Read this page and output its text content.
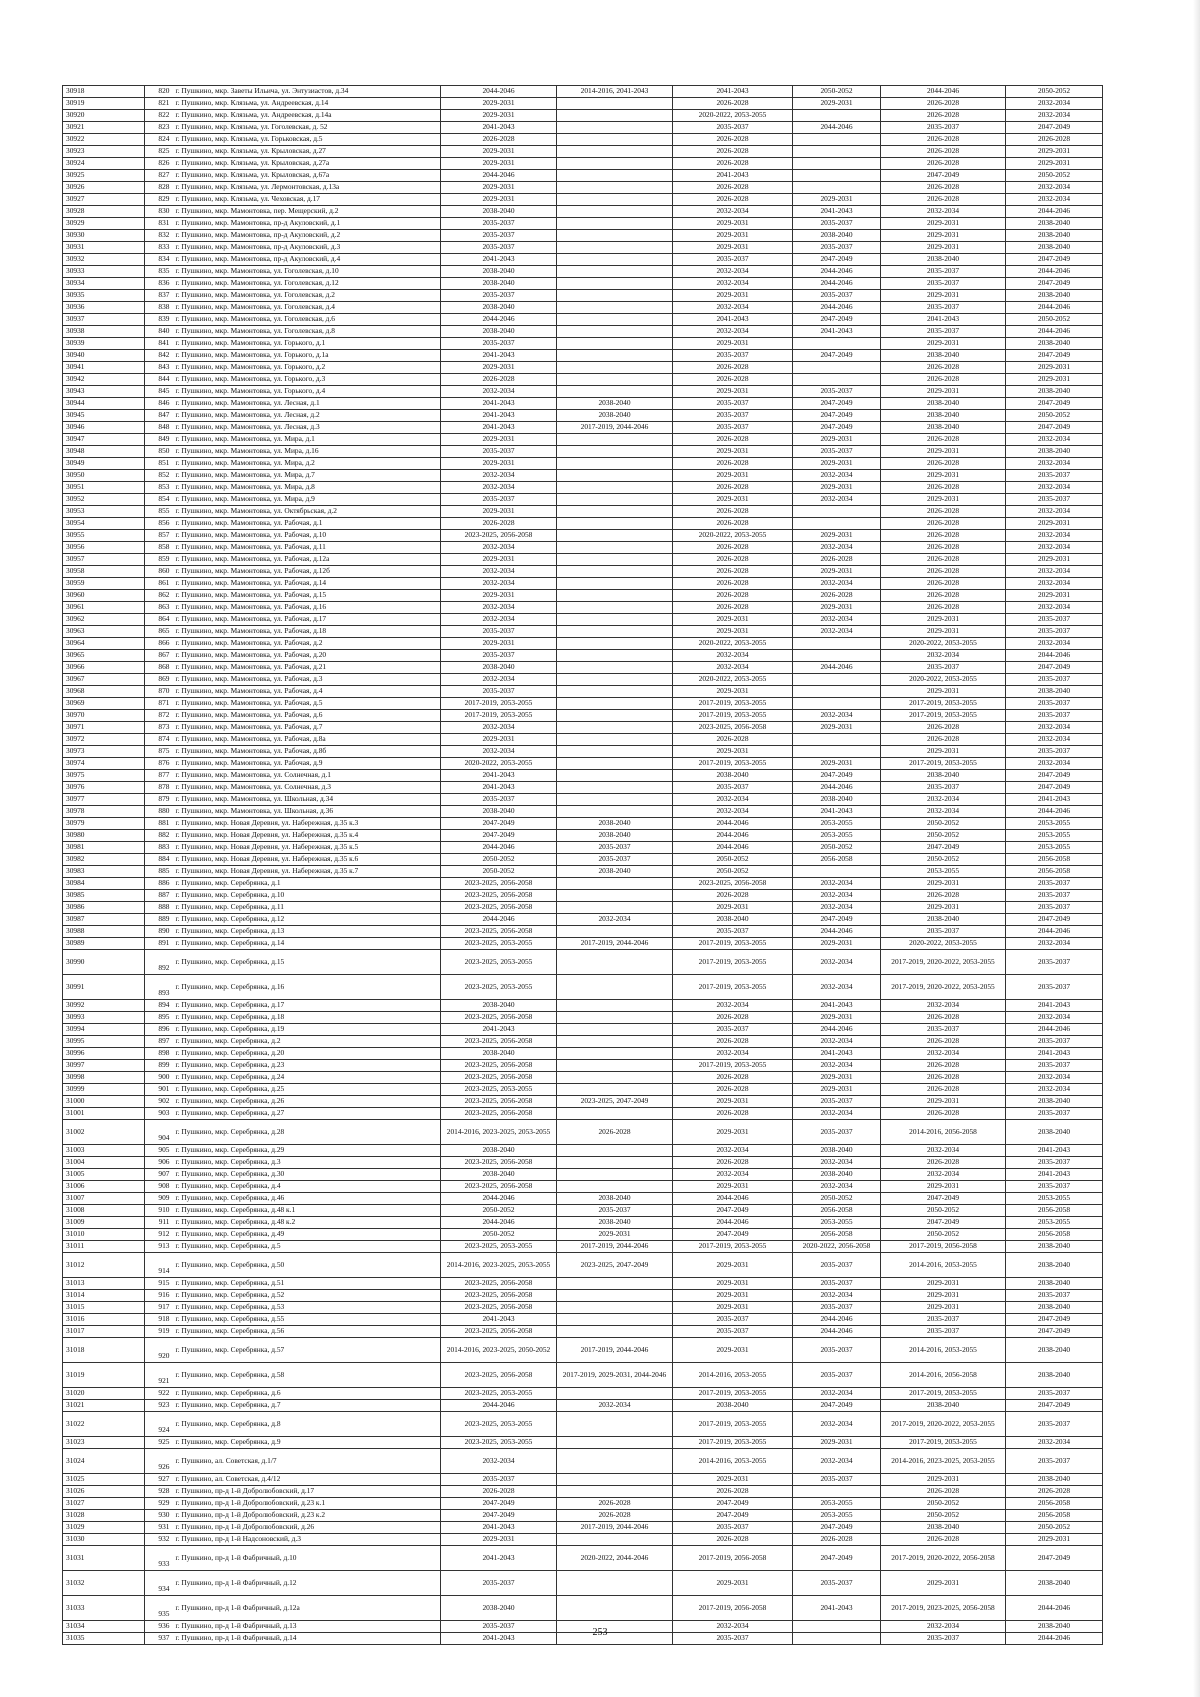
30918	820	г. Пушкино, мкр. Заветы Ильича, ул. Энтузиастов, д.34	2044-2046	2014-2016, 2041-2043	2041-2043	2050-2052	2044-2046	2050-2052
30919	821	г. Пушкино, мкр. Клязьма, ул. Андреевская, д.14	2029-2031		2026-2028	2029-2031	2026-2028	2032-2034
30920	822	г. Пушкино, мкр. Клязьма, ул. Андреевская, д.14а	2029-2031		2020-2022, 2053-2055		2026-2028	2032-2034
30921	823	г. Пушкино, мкр. Клязьма, ул. Гоголевская, д. 52	2041-2043		2035-2037	2044-2046	2035-2037	2047-2049
30922	824	г. Пушкино, мкр. Клязьма, ул. Горьковская, д.5	2026-2028		2026-2028		2026-2028	2026-2028
30923	825	г. Пушкино, мкр. Клязьма, ул. Крыловская, д.27	2029-2031		2026-2028		2026-2028	2029-2031
30924	826	г. Пушкино, мкр. Клязьма, ул. Крыловская, д.27а	2029-2031		2026-2028		2026-2028	2029-2031
30925	827	г. Пушкино, мкр. Клязьма, ул. Крыловская, д.67а	2044-2046		2041-2043		2047-2049	2050-2052
30926	828	г. Пушкино, мкр. Клязьма, ул. Лермонтовская, д.13а	2029-2031		2026-2028		2026-2028	2032-2034
30927	829	г. Пушкино, мкр. Клязьма, ул. Чеховская, д.17	2029-2031		2026-2028	2029-2031	2026-2028	2032-2034
30928	830	г. Пушкино, мкр. Мамонтовка, пер. Мещерский, д.2	2038-2040		2032-2034	2041-2043	2032-2034	2044-2046
30929	831	г. Пушкино, мкр. Мамонтовка, пр-д Акуловский, д.1	2035-2037		2029-2031	2035-2037	2029-2031	2038-2040
30930	832	г. Пушкино, мкр. Мамонтовка, пр-д Акуловский, д.2	2035-2037		2029-2031	2038-2040	2029-2031	2038-2040
30931	833	г. Пушкино, мкр. Мамонтовка, пр-д Акуловский, д.3	2035-2037		2029-2031	2035-2037	2029-2031	2038-2040
30932	834	г. Пушкино, мкр. Мамонтовка, пр-д Акуловский, д.4	2041-2043		2035-2037	2047-2049	2038-2040	2047-2049
30933	835	г. Пушкино, мкр. Мамонтовка, ул. Гоголевская, д.10	2038-2040		2032-2034	2044-2046	2035-2037	2044-2046
30934	836	г. Пушкино, мкр. Мамонтовка, ул. Гоголевская, д.12	2038-2040		2032-2034	2044-2046	2035-2037	2047-2049
30935	837	г. Пушкино, мкр. Мамонтовка, ул. Гоголевская, д.2	2035-2037		2029-2031	2035-2037	2029-2031	2038-2040
30936	838	г. Пушкино, мкр. Мамонтовка, ул. Гоголевская, д.4	2038-2040		2032-2034	2044-2046	2035-2037	2044-2046
30937	839	г. Пушкино, мкр. Мамонтовка, ул. Гоголевская, д.6	2044-2046		2041-2043	2047-2049	2041-2043	2050-2052
30938	840	г. Пушкино, мкр. Мамонтовка, ул. Гоголевская, д.8	2038-2040		2032-2034	2041-2043	2035-2037	2044-2046
30939	841	г. Пушкино, мкр. Мамонтовка, ул. Горького, д.1	2035-2037		2029-2031		2029-2031	2038-2040
30940	842	г. Пушкино, мкр. Мамонтовка, ул. Горького, д.1а	2041-2043		2035-2037	2047-2049	2038-2040	2047-2049
30941	843	г. Пушкино, мкр. Мамонтовка, ул. Горького, д.2	2029-2031		2026-2028		2026-2028	2029-2031
30942	844	г. Пушкино, мкр. Мамонтовка, ул. Горького, д.3	2026-2028		2026-2028		2026-2028	2029-2031
30943	845	г. Пушкино, мкр. Мамонтовка, ул. Горького, д.4	2032-2034		2029-2031	2035-2037	2029-2031	2038-2040
30944	846	г. Пушкино, мкр. Мамонтовка, ул. Лесная, д.1	2041-2043	2038-2040	2035-2037	2047-2049	2038-2040	2047-2049
30945	847	г. Пушкино, мкр. Мамонтовка, ул. Лесная, д.2	2041-2043	2038-2040	2035-2037	2047-2049	2038-2040	2050-2052
30946	848	г. Пушкино, мкр. Мамонтовка, ул. Лесная, д.3	2041-2043	2017-2019, 2044-2046	2035-2037	2047-2049	2038-2040	2047-2049
30947	849	г. Пушкино, мкр. Мамонтовка, ул. Мира, д.1	2029-2031		2026-2028	2029-2031	2026-2028	2032-2034
30948	850	г. Пушкино, мкр. Мамонтовка, ул. Мира, д.16	2035-2037		2029-2031	2035-2037	2029-2031	2038-2040
30949	851	г. Пушкино, мкр. Мамонтовка, ул. Мира, д.2	2029-2031		2026-2028	2029-2031	2026-2028	2032-2034
30950	852	г. Пушкино, мкр. Мамонтовка, ул. Мира, д.7	2032-2034		2029-2031	2032-2034	2029-2031	2035-2037
30951	853	г. Пушкино, мкр. Мамонтовка, ул. Мира, д.8	2032-2034		2026-2028	2029-2031	2026-2028	2032-2034
30952	854	г. Пушкино, мкр. Мамонтовка, ул. Мира, д.9	2035-2037		2029-2031	2032-2034	2029-2031	2035-2037
30953	855	г. Пушкино, мкр. Мамонтовка, ул. Октябрьская, д.2	2029-2031		2026-2028		2026-2028	2032-2034
30954	856	г. Пушкино, мкр. Мамонтовка, ул. Рабочая, д.1	2026-2028		2026-2028		2026-2028	2029-2031
30955	857	г. Пушкино, мкр. Мамонтовка, ул. Рабочая, д.10	2023-2025, 2056-2058		2020-2022, 2053-2055	2029-2031	2026-2028	2032-2034
30956	858	г. Пушкино, мкр. Мамонтовка, ул. Рабочая, д.11	2032-2034		2026-2028	2032-2034	2026-2028	2032-2034
30957	859	г. Пушкино, мкр. Мамонтовка, ул. Рабочая, д.12а	2029-2031		2026-2028	2026-2028	2026-2028	2029-2031
30958	860	г. Пушкино, мкр. Мамонтовка, ул. Рабочая, д.12б	2032-2034		2026-2028	2029-2031	2026-2028	2032-2034
30959	861	г. Пушкино, мкр. Мамонтовка, ул. Рабочая, д.14	2032-2034		2026-2028	2032-2034	2026-2028	2032-2034
30960	862	г. Пушкино, мкр. Мамонтовка, ул. Рабочая, д.15	2029-2031		2026-2028	2026-2028	2026-2028	2029-2031
30961	863	г. Пушкино, мкр. Мамонтовка, ул. Рабочая, д.16	2032-2034		2026-2028	2029-2031	2026-2028	2032-2034
30962	864	г. Пушкино, мкр. Мамонтовка, ул. Рабочая, д.17	2032-2034		2029-2031	2032-2034	2029-2031	2035-2037
30963	865	г. Пушкино, мкр. Мамонтовка, ул. Рабочая, д.18	2035-2037		2029-2031	2032-2034	2029-2031	2035-2037
30964	866	г. Пушкино, мкр. Мамонтовка, ул. Рабочая, д.2	2029-2031		2020-2022, 2053-2055		2020-2022, 2053-2055	2032-2034
30965	867	г. Пушкино, мкр. Мамонтовка, ул. Рабочая, д.20	2035-2037		2032-2034		2032-2034	2044-2046
30966	868	г. Пушкино, мкр. Мамонтовка, ул. Рабочая, д.21	2038-2040		2032-2034	2044-2046	2035-2037	2047-2049
30967	869	г. Пушкино, мкр. Мамонтовка, ул. Рабочая, д.3	2032-2034		2020-2022, 2053-2055		2020-2022, 2053-2055	2035-2037
30968	870	г. Пушкино, мкр. Мамонтовка, ул. Рабочая, д.4	2035-2037		2029-2031		2029-2031	2038-2040
30969	871	г. Пушкино, мкр. Мамонтовка, ул. Рабочая, д.5	2017-2019, 2053-2055		2017-2019, 2053-2055		2017-2019, 2053-2055	2035-2037
30970	872	г. Пушкино, мкр. Мамонтовка, ул. Рабочая, д.6	2017-2019, 2053-2055		2017-2019, 2053-2055	2032-2034	2017-2019, 2053-2055	2035-2037
30971	873	г. Пушкино, мкр. Мамонтовка, ул. Рабочая, д.7	2032-2034		2023-2025, 2056-2058	2029-2031	2026-2028	2032-2034
30972	874	г. Пушкино, мкр. Мамонтовка, ул. Рабочая, д.8а	2029-2031		2026-2028		2026-2028	2032-2034
30973	875	г. Пушкино, мкр. Мамонтовка, ул. Рабочая, д.8б	2032-2034		2029-2031		2029-2031	2035-2037
30974	876	г. Пушкино, мкр. Мамонтовка, ул. Рабочая, д.9	2020-2022, 2053-2055		2017-2019, 2053-2055	2029-2031	2017-2019, 2053-2055	2032-2034
30975	877	г. Пушкино, мкр. Мамонтовка, ул. Солнечная, д.1	2041-2043		2038-2040	2047-2049	2038-2040	2047-2049
30976	878	г. Пушкино, мкр. Мамонтовка, ул. Солнечная, д.3	2041-2043		2035-2037	2044-2046	2035-2037	2047-2049
30977	879	г. Пушкино, мкр. Мамонтовка, ул. Школьная, д.34	2035-2037		2032-2034	2038-2040	2032-2034	2041-2043
30978	880	г. Пушкино, мкр. Мамонтовка, ул. Школьная, д.36	2038-2040		2032-2034	2041-2043	2032-2034	2044-2046
30979	881	г. Пушкино, мкр. Новая Деревня, ул. Набережная, д.35 к.3	2047-2049	2038-2040	2044-2046	2053-2055	2050-2052	2053-2055
30980	882	г. Пушкино, мкр. Новая Деревня, ул. Набережная, д.35 к.4	2047-2049	2038-2040	2044-2046	2053-2055	2050-2052	2053-2055
30981	883	г. Пушкино, мкр. Новая Деревня, ул. Набережная, д.35 к.5	2044-2046	2035-2037	2044-2046	2050-2052	2047-2049	2053-2055
30982	884	г. Пушкино, мкр. Новая Деревня, ул. Набережная, д.35 к.6	2050-2052	2035-2037	2050-2052	2056-2058	2050-2052	2056-2058
30983	885	г. Пушкино, мкр. Новая Деревня, ул. Набережная, д.35 к.7	2050-2052	2038-2040	2050-2052		2053-2055	2056-2058
30984	886	г. Пушкино, мкр. Серебрянка, д.1	2023-2025, 2056-2058		2023-2025, 2056-2058	2032-2034	2029-2031	2035-2037
30985	887	г. Пушкино, мкр. Серебрянка, д.10	2023-2025, 2056-2058		2026-2028	2032-2034	2026-2028	2035-2037
30986	888	г. Пушкино, мкр. Серебрянка, д.11	2023-2025, 2056-2058		2029-2031	2032-2034	2029-2031	2035-2037
30987	889	г. Пушкино, мкр. Серебрянка, д.12	2044-2046	2032-2034	2038-2040	2047-2049	2038-2040	2047-2049
30988	890	г. Пушкино, мкр. Серебрянка, д.13	2023-2025, 2056-2058		2035-2037	2044-2046	2035-2037	2044-2046
30989	891	г. Пушкино, мкр. Серебрянка, д.14	2023-2025, 2053-2055	2017-2019, 2044-2046	2017-2019, 2053-2055	2029-2031	2020-2022, 2053-2055	2032-2034
30990	892	г. Пушкино, мкр. Серебрянка, д.15	2023-2025, 2053-2055		2017-2019, 2053-2055	2032-2034	2017-2019, 2020-2022, 2053-2055	2035-2037
30991	893	г. Пушкино, мкр. Серебрянка, д.16	2023-2025, 2053-2055		2017-2019, 2053-2055	2032-2034	2017-2019, 2020-2022, 2053-2055	2035-2037
30992	894	г. Пушкино, мкр. Серебрянка, д.17	2038-2040		2032-2034	2041-2043	2032-2034	2041-2043
30993	895	г. Пушкино, мкр. Серебрянка, д.18	2023-2025, 2056-2058		2026-2028	2029-2031	2026-2028	2032-2034
30994	896	г. Пушкино, мкр. Серебрянка, д.19	2041-2043		2035-2037	2044-2046	2035-2037	2044-2046
30995	897	г. Пушкино, мкр. Серебрянка, д.2	2023-2025, 2056-2058		2026-2028	2032-2034	2026-2028	2035-2037
30996	898	г. Пушкино, мкр. Серебрянка, д.20	2038-2040		2032-2034	2041-2043	2032-2034	2041-2043
30997	899	г. Пушкино, мкр. Серебрянка, д.23	2023-2025, 2056-2058		2017-2019, 2053-2055	2032-2034	2026-2028	2035-2037
30998	900	г. Пушкино, мкр. Серебрянка, д.24	2023-2025, 2056-2058		2026-2028	2029-2031	2026-2028	2032-2034
30999	901	г. Пушкино, мкр. Серебрянка, д.25	2023-2025, 2053-2055		2026-2028	2029-2031	2026-2028	2032-2034
31000	902	г. Пушкино, мкр. Серебрянка, д.26	2023-2025, 2056-2058	2023-2025, 2047-2049	2029-2031	2035-2037	2029-2031	2038-2040
31001	903	г. Пушкино, мкр. Серебрянка, д.27	2023-2025, 2056-2058		2026-2028	2032-2034	2026-2028	2035-2037
31002	904	г. Пушкино, мкр. Серебрянка, д.28	2014-2016, 2023-2025, 2053-2055	2026-2028	2029-2031	2035-2037	2014-2016, 2056-2058	2038-2040
31003	905	г. Пушкино, мкр. Серебрянка, д.29	2038-2040		2032-2034	2038-2040	2032-2034	2041-2043
31004	906	г. Пушкино, мкр. Серебрянка, д.3	2023-2025, 2056-2058		2026-2028	2032-2034	2026-2028	2035-2037
31005	907	г. Пушкино, мкр. Серебрянка, д.30	2038-2040		2032-2034	2038-2040	2032-2034	2041-2043
31006	908	г. Пушкино, мкр. Серебрянка, д.4	2023-2025, 2056-2058		2029-2031	2032-2034	2029-2031	2035-2037
31007	909	г. Пушкино, мкр. Серебрянка, д.46	2044-2046	2038-2040	2044-2046	2050-2052	2047-2049	2053-2055
31008	910	г. Пушкино, мкр. Серебрянка, д.48 к.1	2050-2052	2035-2037	2047-2049	2056-2058	2050-2052	2056-2058
31009	911	г. Пушкино, мкр. Серебрянка, д.48 к.2	2044-2046	2038-2040	2044-2046	2053-2055	2047-2049	2053-2055
31010	912	г. Пушкино, мкр. Серебрянка, д.49	2050-2052	2029-2031	2047-2049	2056-2058	2050-2052	2056-2058
31011	913	г. Пушкино, мкр. Серебрянка, д.5	2023-2025, 2053-2055	2017-2019, 2044-2046	2017-2019, 2053-2055	2020-2022, 2056-2058	2017-2019, 2056-2058	2038-2040
31012	914	г. Пушкино, мкр. Серебрянка, д.50	2014-2016, 2023-2025, 2053-2055	2023-2025, 2047-2049	2029-2031	2035-2037	2014-2016, 2053-2055	2038-2040
31013	915	г. Пушкино, мкр. Серебрянка, д.51	2023-2025, 2056-2058		2029-2031	2035-2037	2029-2031	2038-2040
31014	916	г. Пушкино, мкр. Серебрянка, д.52	2023-2025, 2056-2058		2029-2031	2032-2034	2029-2031	2035-2037
31015	917	г. Пушкино, мкр. Серебрянка, д.53	2023-2025, 2056-2058		2029-2031	2035-2037	2029-2031	2038-2040
31016	918	г. Пушкино, мкр. Серебрянка, д.55	2041-2043		2035-2037	2044-2046	2035-2037	2047-2049
31017	919	г. Пушкино, мкр. Серебрянка, д.56	2023-2025, 2056-2058		2035-2037	2044-2046	2035-2037	2047-2049
31018	920	г. Пушкино, мкр. Серебрянка, д.57	2014-2016, 2023-2025, 2050-2052	2017-2019, 2044-2046	2029-2031	2035-2037	2014-2016, 2053-2055	2038-2040
31019	921	г. Пушкино, мкр. Серебрянка, д.58	2023-2025, 2056-2058	2017-2019, 2029-2031, 2044-2046	2014-2016, 2053-2055	2035-2037	2014-2016, 2056-2058	2038-2040
31020	922	г. Пушкино, мкр. Серебрянка, д.6	2023-2025, 2053-2055		2017-2019, 2053-2055	2032-2034	2017-2019, 2053-2055	2035-2037
31021	923	г. Пушкино, мкр. Серебрянка, д.7	2044-2046	2032-2034	2038-2040	2047-2049	2038-2040	2047-2049
31022	924	г. Пушкино, мкр. Серебрянка, д.8	2023-2025, 2053-2055		2017-2019, 2053-2055	2032-2034	2017-2019, 2020-2022, 2053-2055	2035-2037
31023	925	г. Пушкино, мкр. Серебрянка, д.9	2023-2025, 2053-2055		2017-2019, 2053-2055	2029-2031	2017-2019, 2053-2055	2032-2034
31024	926	г. Пушкино, ал. Советская, д.1/7	2032-2034		2014-2016, 2053-2055	2032-2034	2014-2016, 2023-2025, 2053-2055	2035-2037
31025	927	г. Пушкино, ал. Советская, д.4/12	2035-2037		2029-2031	2035-2037	2029-2031	2038-2040
31026	928	г. Пушкино, пр-д 1-й Добролюбовский, д.17	2026-2028		2026-2028		2026-2028	2026-2028
31027	929	г. Пушкино, пр-д 1-й Добролюбовский, д.23 к.1	2047-2049	2026-2028	2047-2049	2053-2055	2050-2052	2056-2058
31028	930	г. Пушкино, пр-д 1-й Добролюбовский, д.23 к.2	2047-2049	2026-2028	2047-2049	2053-2055	2050-2052	2056-2058
31029	931	г. Пушкино, пр-д 1-й Добролюбовский, д.26	2041-2043	2017-2019, 2044-2046	2035-2037	2047-2049	2038-2040	2050-2052
31030	932	г. Пушкино, пр-д 1-й Надсоновский, д.3	2029-2031		2026-2028	2026-2028	2026-2028	2029-2031
31031	933	г. Пушкино, пр-д 1-й Фабричный, д.10	2041-2043	2020-2022, 2044-2046	2017-2019, 2056-2058	2047-2049	2017-2019, 2020-2022, 2056-2058	2047-2049
31032	934	г. Пушкино, пр-д 1-й Фабричный, д.12	2035-2037		2029-2031	2035-2037	2029-2031	2038-2040
31033	935	г. Пушкино, пр-д 1-й Фабричный, д.12а	2038-2040		2017-2019, 2056-2058	2041-2043	2017-2019, 2023-2025, 2056-2058	2044-2046
31034	936	г. Пушкино, пр-д 1-й Фабричный, д.13	2035-2037		2032-2034		2032-2034	2038-2040
31035	937	г. Пушкино, пр-д 1-й Фабричный, д.14	2041-2043		2035-2037		2035-2037	2044-2046
253
